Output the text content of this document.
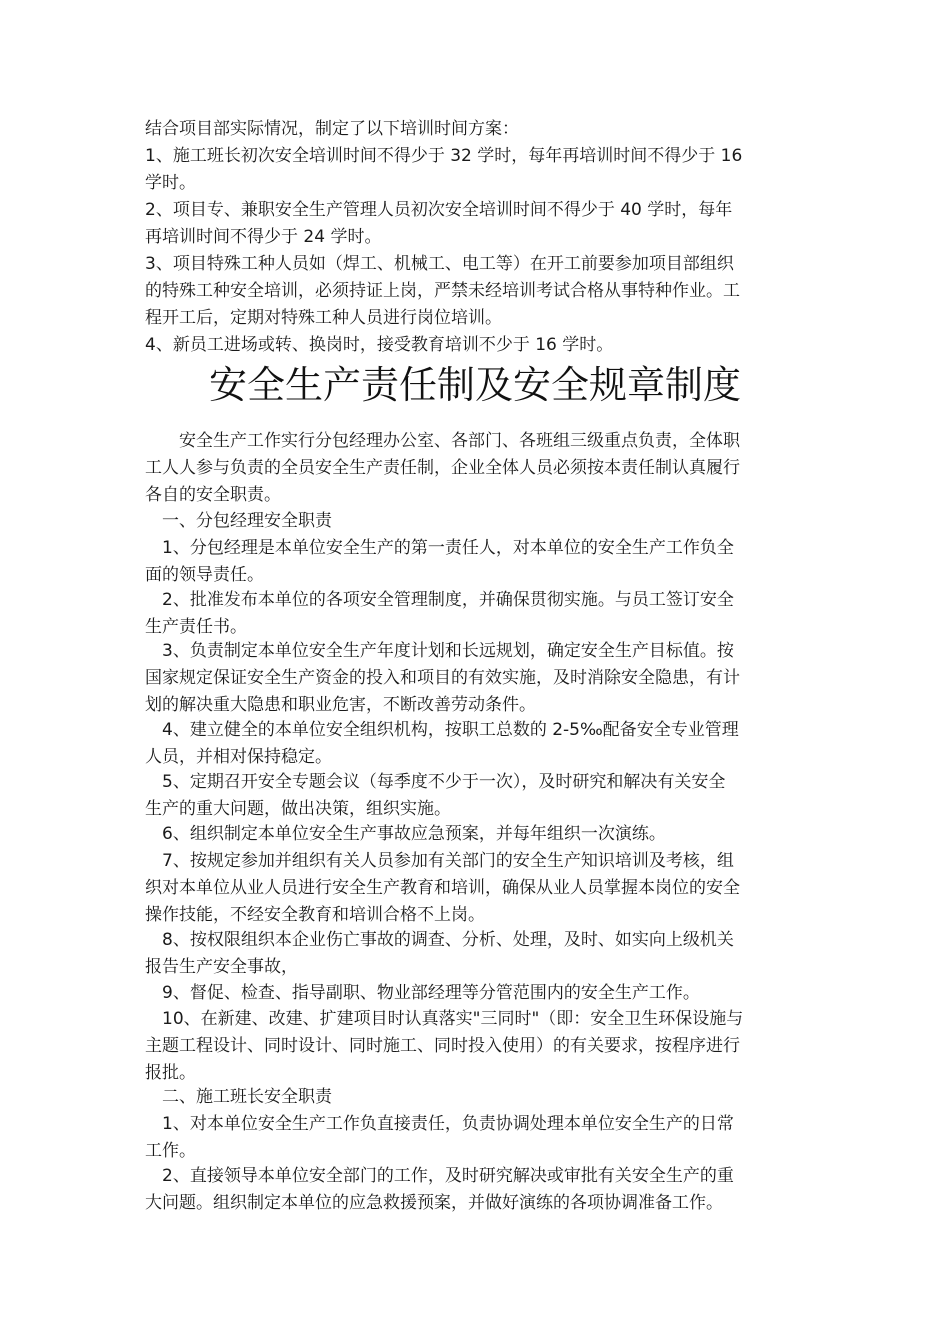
结合项目部实际情况，制定了以下培训时间方案：
1、施工班长初次安全培训时间不得少于 32 学时，每年再培训时间不得少于 16
学时。
2、项目专、兼职安全生产管理人员初次安全培训时间不得少于 40 学时，每年
再培训时间不得少于 24 学时。
3、项目特殊工种人员如（焊工、机械工、电工等）在开工前要参加项目部组织
的特殊工种安全培训，必须持证上岗，严禁未经培训考试合格从事特种作业。工
程开工后，定期对特殊工种人员进行岗位培训。
4、新员工进场或转、换岗时，接受教育培训不少于 16 学时。
安全生产责任制及安全规章制度
　　安全生产工作实行分包经理办公室、各部门、各班组三级重点负责，全体职
工人人参与负责的全员安全生产责任制，企业全体人员必须按本责任制认真履行
各自的安全职责。
　一、分包经理安全职责
　1、分包经理是本单位安全生产的第一责任人，对本单位的安全生产工作负全
面的领导责任。
　2、批准发布本单位的各项安全管理制度，并确保贯彻实施。与员工签订安全
生产责任书。
　3、负责制定本单位安全生产年度计划和长远规划，确定安全生产目标值。按
国家规定保证安全生产资金的投入和项目的有效实施，及时消除安全隐患，有计
划的解决重大隐患和职业危害，不断改善劳动条件。
　4、建立健全的本单位安全组织机构，按职工总数的 2-5‰配备安全专业管理
人员，并相对保持稳定。
　5、定期召开安全专题会议（每季度不少于一次），及时研究和解决有关安全
生产的重大问题，做出决策，组织实施。
　6、组织制定本单位安全生产事故应急预案，并每年组织一次演练。
　7、按规定参加并组织有关人员参加有关部门的安全生产知识培训及考核，组
织对本单位从业人员进行安全生产教育和培训，确保从业人员掌握本岗位的安全
操作技能，不经安全教育和培训合格不上岗。
　8、按权限组织本企业伤亡事故的调查、分析、处理，及时、如实向上级机关
报告生产安全事故，
　9、督促、检查、指导副职、物业部经理等分管范围内的安全生产工作。
　10、在新建、改建、扩建项目时认真落实"三同时"（即：安全卫生环保设施与
主题工程设计、同时设计、同时施工、同时投入使用）的有关要求，按程序进行
报批。
　二、施工班长安全职责
　1、对本单位安全生产工作负直接责任，负责协调处理本单位安全生产的日常
工作。
　2、直接领导本单位安全部门的工作，及时研究解决或审批有关安全生产的重
大问题。组织制定本单位的应急救援预案，并做好演练的各项协调准备工作。
